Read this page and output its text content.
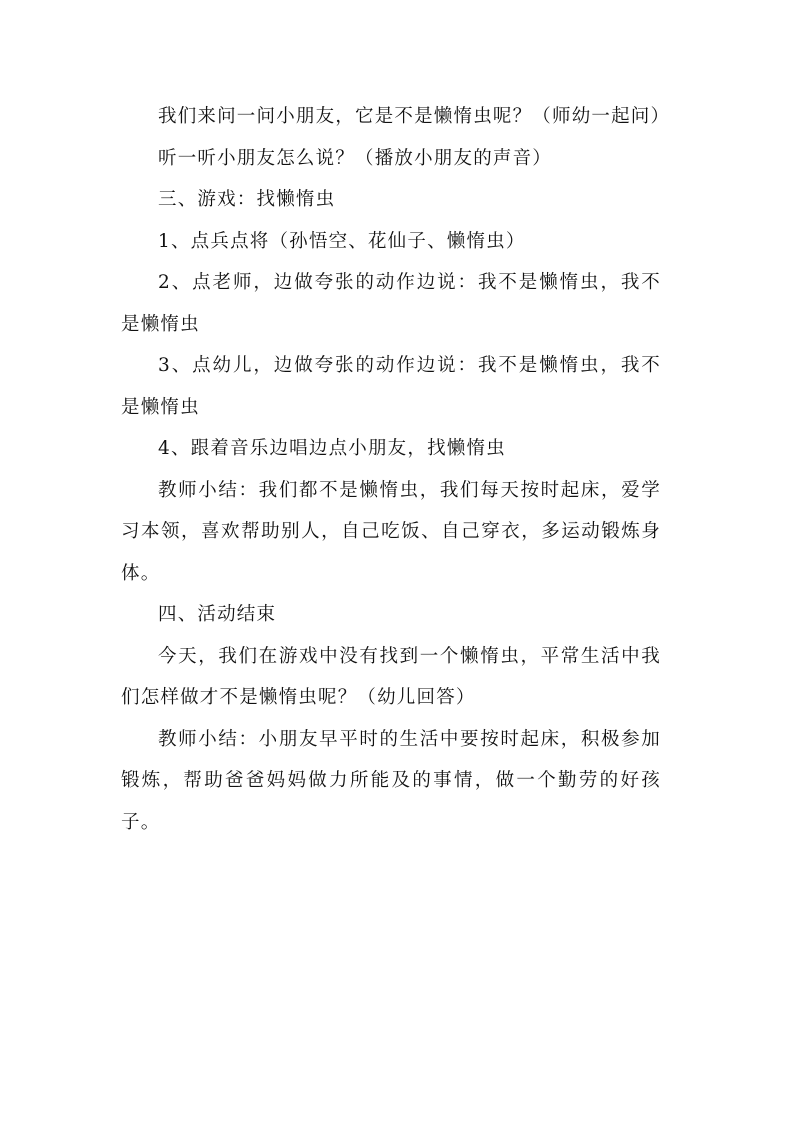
我们来问一问小朋友，它是不是懒惰虫呢？（师幼一起问）

听一听小朋友怎么说？（播放小朋友的声音）

三、游戏：找懒惰虫

1、点兵点将（孙悟空、花仙子、懒惰虫）

2、点老师，边做夸张的动作边说：我不是懒惰虫，我不是懒惰虫

3、点幼儿，边做夸张的动作边说：我不是懒惰虫，我不是懒惰虫

4、跟着音乐边唱边点小朋友，找懒惰虫

教师小结：我们都不是懒惰虫，我们每天按时起床，爱学习本领，喜欢帮助别人，自己吃饭、自己穿衣，多运动锻炼身体。

四、活动结束

今天，我们在游戏中没有找到一个懒惰虫，平常生活中我们怎样做才不是懒惰虫呢？（幼儿回答）

教师小结：小朋友早平时的生活中要按时起床，积极参加锻炼，帮助爸爸妈妈做力所能及的事情，做一个勤劳的好孩子。
